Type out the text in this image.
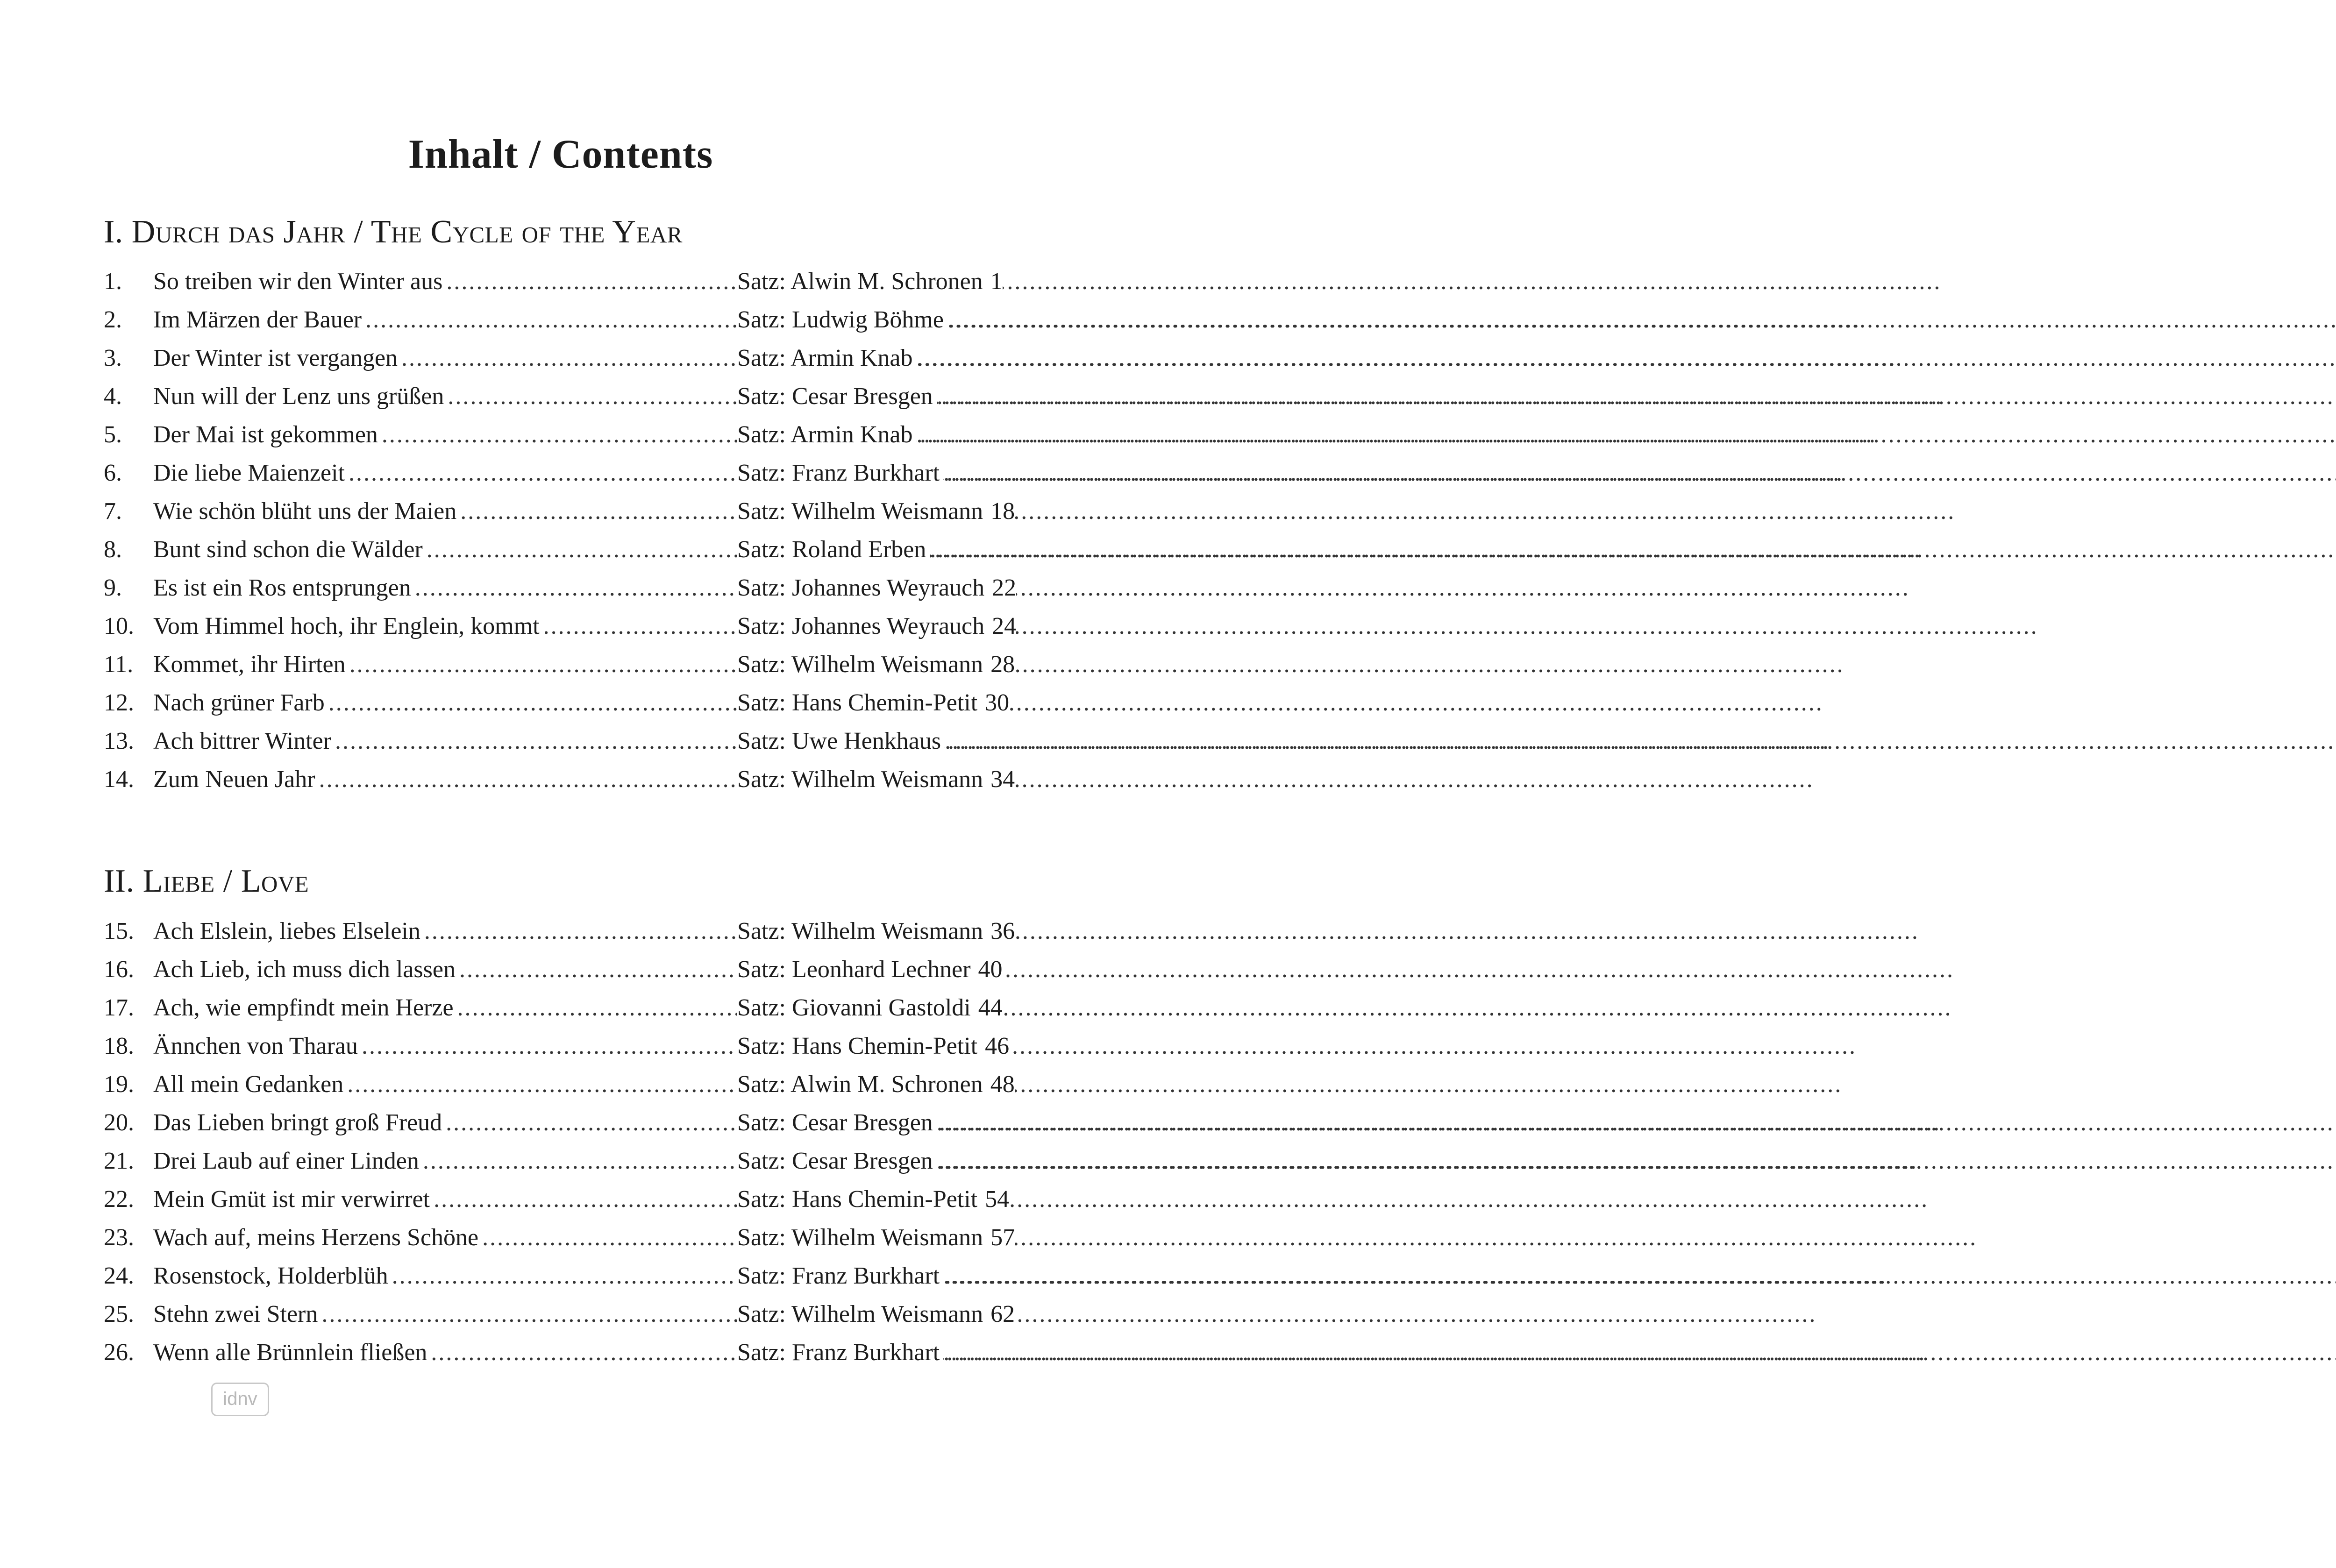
Inhalt / Contents
I. Durch das Jahr / The Cycle of the Year
1. So treiben wir den Winter aus .....	Satz: Alwin M. Schronen 1
2. Im Märzen der Bauer .....	Satz: Ludwig Böhme
.....
3. Der Winter ist vergangen .....	Satz: Armin Knab
.....
4. Nun will der Lenz uns grüßen .....	Satz: Cesar Bresgen
.....
5. Der Mai ist gekommen .....	Satz: Armin Knab
.....
6. Die liebe Maienzeit .....	Satz: Franz Burkhart
.....
7. Wie schön blüht uns der Maien .....	Satz: Wilhelm Weismann 18
8. Bunt sind schon die Wälder .....	Satz: Roland Erben
.....
9. Es ist ein Ros entsprungen .....	Satz: Johannes Weyrauch 22
10. Vom Himmel hoch, ihr Englein, kommt .....	Satz: Johannes Weyrauch 24
11. Kommet, ihr Hirten .....	Satz: Wilhelm Weismann 28
12. Nach grüner Farb .....	Satz: Hans Chemin-Petit 30
13. Ach bittrer Winter .....	Satz: Uwe Henkhaus
.....
14. Zum Neuen Jahr .....	Satz: Wilhelm Weismann 34
II. Liebe / Love
15. Ach Elslein, liebes Elselein .....	Satz: Wilhelm Weismann 36
16. Ach Lieb, ich muss dich lassen .....	Satz: Leonhard Lechner 40
17. Ach, wie empfindt mein Herze .....	Satz: Giovanni Gastoldi 44
18. Ännchen von Tharau .....	Satz: Hans Chemin-Petit 46
19. All mein Gedanken .....	Satz: Alwin M. Schronen 48
20. Das Lieben bringt groß Freud .....	Satz: Cesar Bresgen
.....
21. Drei Laub auf einer Linden .....	Satz: Cesar Bresgen
.....
22. Mein Gmüt ist mir verwirret .....	Satz: Hans Chemin-Petit 54
23. Wach auf, meins Herzens Schöne .....	Satz: Wilhelm Weismann 57
24. Rosenstock, Holderblüh .....	Satz: Franz Burkhart
.....
25. Stehn zwei Stern .....	Satz: Wilhelm Weismann 62
26. Wenn alle Brünnlein fließen .....	Satz: Franz Burkhart
.....
idnv
